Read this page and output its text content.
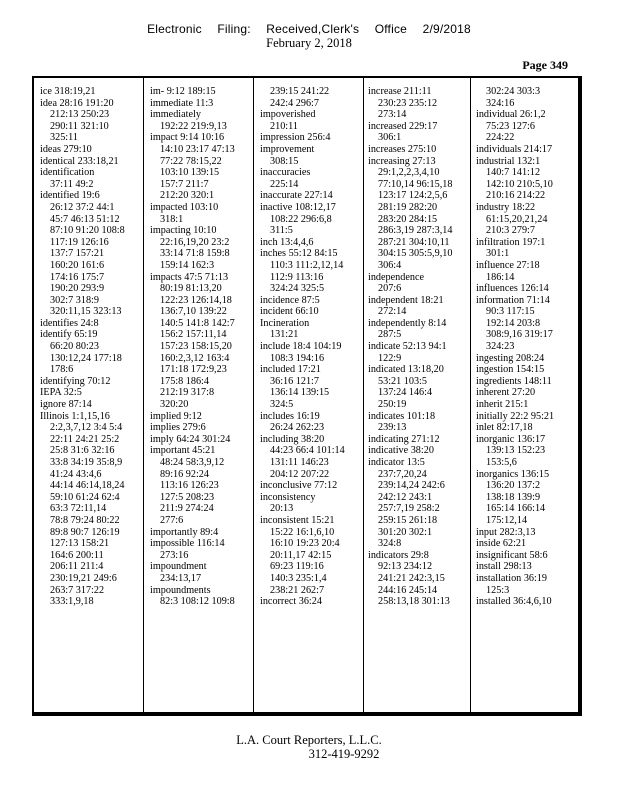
Electronic Filing: Received,Clerk's Office 2/9/2018
February 2, 2018
Page 349
ice 318:19,21
idea 28:16 191:20
212:13 250:23
290:11 321:10
325:11
ideas 279:10
identical 233:18,21
identification
37:11 49:2
identified 19:6
26:12 37:2 44:1
45:7 46:13 51:12
87:10 91:20 108:8
117:19 126:16
137:7 157:21
160:20 161:6
174:16 175:7
190:20 293:9
302:7 318:9
320:11,15 323:13
identifies 24:8
identify 65:19
66:20 80:23
130:12,24 177:18
178:6
identifying 70:12
IEPA 32:5
ignore 87:14
Illinois 1:1,15,16
2:2,3,7,12 3:4 5:4
22:11 24:21 25:2
25:8 31:6 32:16
33:8 34:19 35:8,9
41:24 43:4,6
44:14 46:14,18,24
59:10 61:24 62:4
63:3 72:11,14
78:8 79:24 80:22
89:8 90:7 126:19
127:13 158:21
164:6 200:11
206:11 211:4
230:19,21 249:6
263:7 317:22
333:1,9,18
im- 9:12 189:15
immediate 11:3
immediately
192:22 219:9,13
impact 9:14 10:16
14:10 23:17 47:13
77:22 78:15,22
103:10 139:15
157:7 211:7
212:20 320:1
impacted 103:10
318:1
impacting 10:10
22:16,19,20 23:2
33:14 71:8 159:8
159:14 162:3
impacts 47:5 71:13
80:19 81:13,20
122:23 126:14,18
136:7,10 139:22
140:5 141:8 142:7
156:2 157:11,14
157:23 158:15,20
160:2,3,12 163:4
171:18 172:9,23
175:8 186:4
212:19 317:8
320:20
implied 9:12
implies 279:6
imply 64:24 301:24
important 45:21
48:24 58:3,9,12
89:16 92:24
113:16 126:23
127:5 208:23
211:9 274:24
277:6
importantly 89:4
impossible 116:14
273:16
impoundment
234:13,17
impoundments
82:3 108:12 109:8
239:15 241:22
242:4 296:7
impoverished
210:11
impression 256:4
improvement
308:15
inaccuracies
225:14
inaccurate 227:14
inactive 108:12,17
108:22 296:6,8
311:5
inch 13:4,4,6
inches 55:12 84:15
110:3 111:2,12,14
112:9 113:16
324:24 325:5
incidence 87:5
incident 66:10
Incineration
131:21
include 18:4 104:19
108:3 194:16
included 17:21
36:16 121:7
136:14 139:15
324:5
includes 16:19
26:24 262:23
including 38:20
44:23 66:4 101:14
131:11 146:23
204:12 207:22
inconclusive 77:12
inconsistency
20:13
inconsistent 15:21
15:22 16:1,6,10
16:10 19:23 20:4
20:11,17 42:15
69:23 119:16
140:3 235:1,4
238:21 262:7
incorrect 36:24
increase 211:11
230:23 235:12
273:14
increased 229:17
306:1
increases 275:10
increasing 27:13
29:1,2,2,3,4,10
77:10,14 96:15,18
123:17 124:2,5,6
281:19 282:20
283:20 284:15
286:3,19 287:3,14
287:21 304:10,11
304:15 305:5,9,10
306:4
independence
207:6
independent 18:21
272:14
independently 8:14
287:5
indicate 52:13 94:1
122:9
indicated 13:18,20
53:21 103:5
137:24 146:4
250:19
indicates 101:18
239:13
indicating 271:12
indicative 38:20
indicator 13:5
237:7,20,24
239:14,24 242:6
242:12 243:1
257:7,19 258:2
259:15 261:18
301:20 302:1
324:8
indicators 29:8
92:13 234:12
241:21 242:3,15
244:16 245:14
258:13,18 301:13
302:24 303:3
324:16
individual 26:1,2
75:23 127:6
224:22
individuals 214:17
industrial 132:1
140:7 141:12
142:10 210:5,10
210:16 214:22
industry 18:22
61:15,20,21,24
210:3 279:7
infiltration 197:1
301:1
influence 27:18
186:14
influences 126:14
information 71:14
90:3 117:15
192:14 203:8
308:9,16 319:17
324:23
ingesting 208:24
ingestion 154:15
ingredients 148:11
inherent 27:20
inherit 215:1
initially 22:2 95:21
inlet 82:17,18
inorganic 136:17
139:13 152:23
153:5,6
inorganics 136:15
136:20 137:2
138:18 139:9
165:14 166:14
175:12,14
input 282:3,13
inside 62:21
insignificant 58:6
install 298:13
installation 36:19
125:3
installed 36:4,6,10
L.A. Court Reporters, L.L.C.
312-419-9292
